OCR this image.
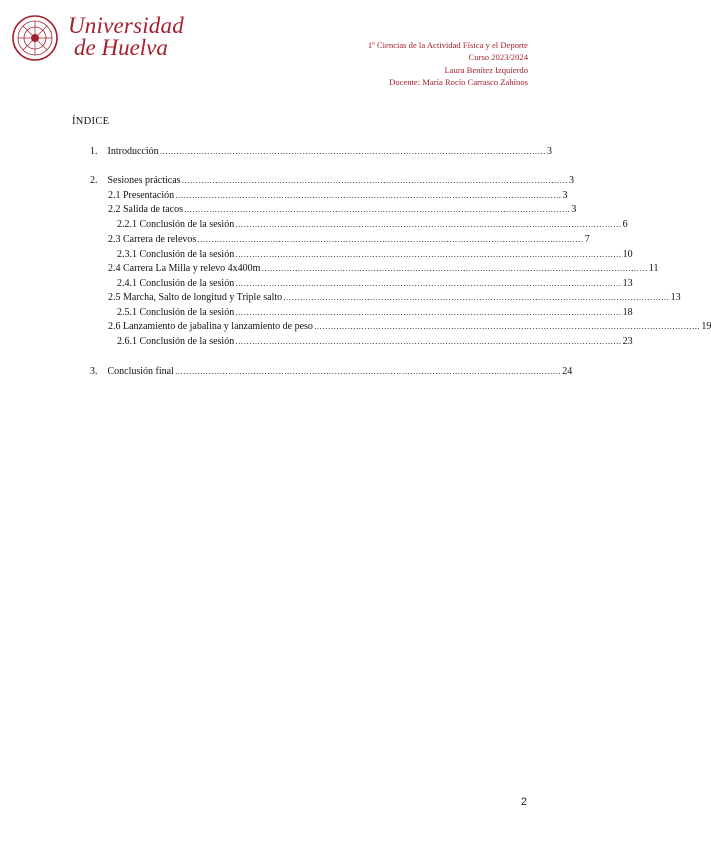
Universidad
de Huelva	1º Ciencias de la Actividad Física y el Deporte
Curso 2023/2024
Laura Benítez Izquierdo
Docente: María Rocío Carrasco Zahínos
ÍNDICE
1.    Introducción ………………………………………………………………………………………………………………………… 3
2.    Sesiones prácticas ………………………………………………………………………………………………………………………… 3
2.1 Presentación ………………………………………………………………………………………………………………………… 3
2.2 Salida de tacos ………………………………………………………………………………………………………………………… 3
2.2.1 Conclusión de la sesión ………………………………………………………………………………………………………………………… 6
2.3 Carrera de relevos ………………………………………………………………………………………………………………………… 7
2.3.1 Conclusión de la sesión ………………………………………………………………………………………………………………………… 10
2.4 Carrera La Milla y relevo 4x400m ………………………………………………………………………………………………………………………… 11
2.4.1 Conclusión de la sesión ………………………………………………………………………………………………………………………… 13
2.5 Marcha, Salto de longitud y Triple salto ………………………………………………………………………………………………………………………… 13
2.5.1 Conclusión de la sesión ………………………………………………………………………………………………………………………… 18
2.6 Lanzamiento de jabalina y lanzamiento de peso ………………………………………………………………………………………………………………………… 19
2.6.1 Conclusión de la sesión ………………………………………………………………………………………………………………………… 23
3.    Conclusión final ………………………………………………………………………………………………………………………… 24
2
